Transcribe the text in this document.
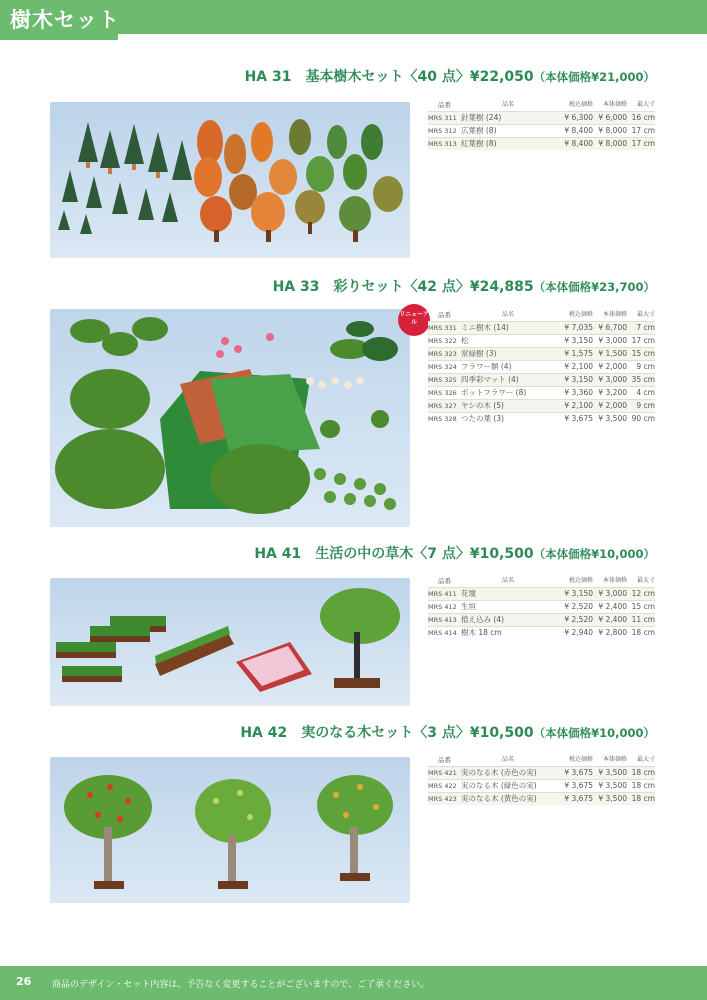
樹木セット
HA 31　基本樹木セット〈40 点〉¥22,050（本体価格¥21,000）
品番	品名	税込価格	本体価格	最大寸
MRS 311 針葉樹 (24)	¥ 6,300 ¥ 6,000 16 cm
MRS 312 広葉樹 (8)	¥ 8,400 ¥ 8,000 17 cm
MRS 313 紅葉樹 (8)	¥ 8,400 ¥ 8,000 17 cm
HA 33　彩りセット〈42 点〉¥24,885（本体価格¥23,700）
リニューアル
品番	品名	税込価格	本体価格	最大寸
MRS 331 ミニ樹木 (14)	¥ 7,035 ¥ 6,700	7 cm
MRS 322 松	¥ 3,150 ¥ 3,000 17 cm
MRS 323 常緑樹 (3)	¥ 1,575 ¥ 1,500 15 cm
MRS 324 フラワー類 (4)	¥ 2,100 ¥ 2,000	9 cm
MRS 325 四季彩マット (4)	¥ 3,150 ¥ 3,000 35 cm
MRS 326 ポットフラワー (8)	¥ 3,360 ¥ 3,200	4 cm
MRS 327 ヤシの木 (5)	¥ 2,100 ¥ 2,000	9 cm
MRS 328 つたの葉 (3)	¥ 3,675 ¥ 3,500 90 cm
HA 41　生活の中の草木〈7 点〉¥10,500（本体価格¥10,000）
品番	品名	税込価格	本体価格	最大寸
MRS 411 花壇	¥ 3,150 ¥ 3,000 12 cm
MRS 412 生垣	¥ 2,520 ¥ 2,400 15 cm
MRS 413 植え込み (4)	¥ 2,520 ¥ 2,400 11 cm
MRS 414 樹木 18 cm	¥ 2,940 ¥ 2,800 18 cm
HA 42　実のなる木セット〈3 点〉¥10,500（本体価格¥10,000）
品番	品名	税込価格	本体価格	最大寸
MRS 421 実のなる木 (赤色の実)	¥ 3,675 ¥ 3,500 18 cm
MRS 422 実のなる木 (緑色の実)	¥ 3,675 ¥ 3,500 18 cm
MRS 423 実のなる木 (黄色の実)	¥ 3,675 ¥ 3,500 18 cm
26 商品のデザイン・セット内容は、予告なく変更することがございますので、ご了承ください。
